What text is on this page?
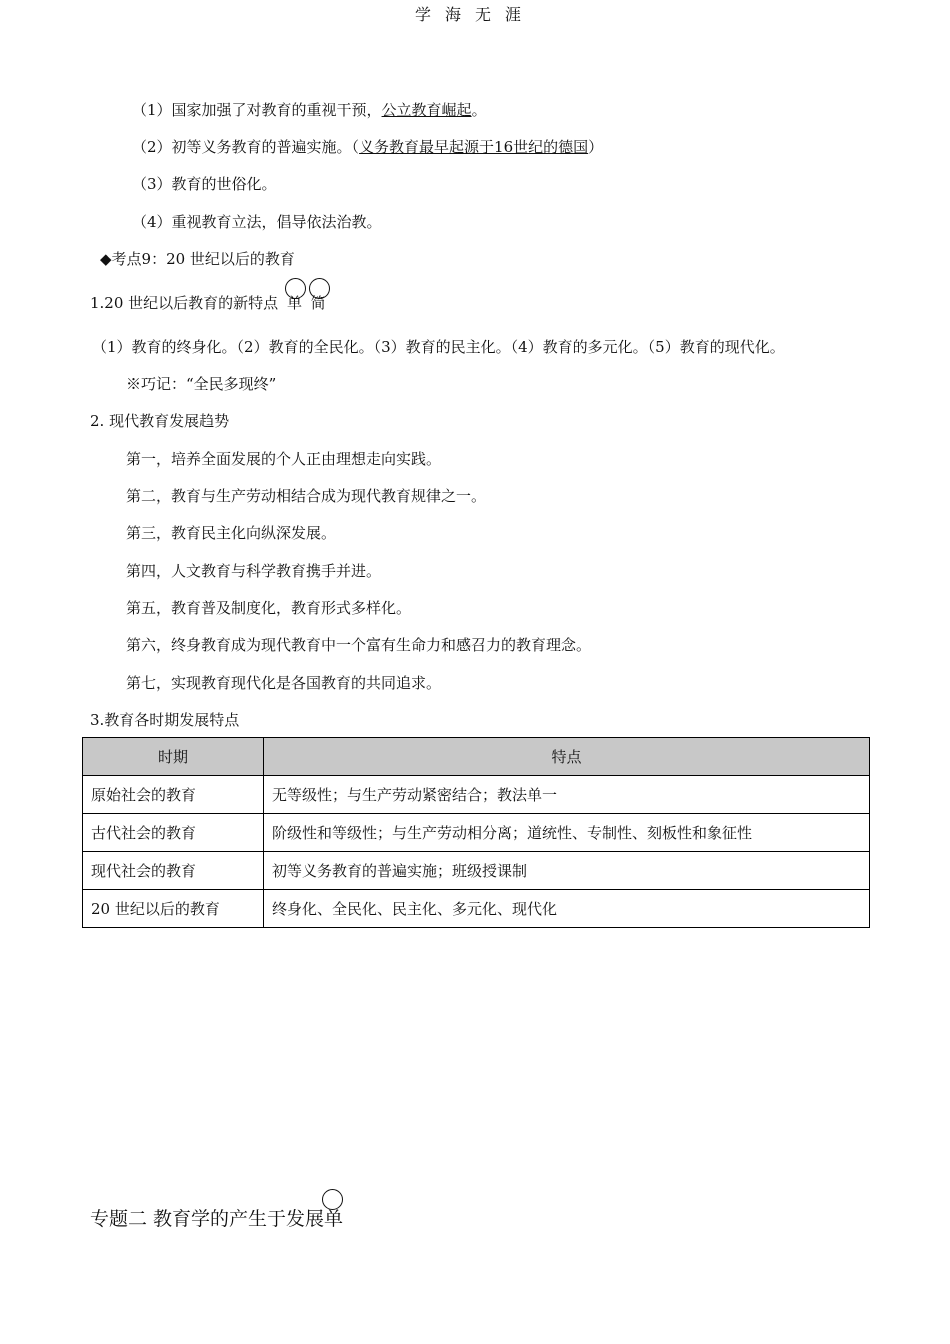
学海无涯
（1）国家加强了对教育的重视干预，公立教育崛起。
（2）初等义务教育的普遍实施。（义务教育最早起源于16世纪的德国）
（3）教育的世俗化。
（4）重视教育立法，倡导依法治教。
◆考点9：20 世纪以后的教育
1.20 世纪以后教育的新特点 单 简
（1）教育的终身化。（2）教育的全民化。（3）教育的民主化。（4）教育的多元化。（5）教育的现代化。
※巧记：“全民多现终”
2. 现代教育发展趋势
第一，培养全面发展的个人正由理想走向实践。
第二，教育与生产劳动相结合成为现代教育规律之一。
第三，教育民主化向纵深发展。
第四，人文教育与科学教育携手并进。
第五，教育普及制度化，教育形式多样化。
第六，终身教育成为现代教育中一个富有生命力和感召力的教育理念。
第七，实现教育现代化是各国教育的共同追求。
3.教育各时期发展特点
时期	特点
原始社会的教育	无等级性；与生产劳动紧密结合；教法单一
古代社会的教育	阶级性和等级性；与生产劳动相分离；道统性、专制性、刻板性和象征性
现代社会的教育	初等义务教育的普遍实施；班级授课制
20 世纪以后的教育	终身化、全民化、民主化、多元化、现代化
专题二 教育学的产生于发展单
